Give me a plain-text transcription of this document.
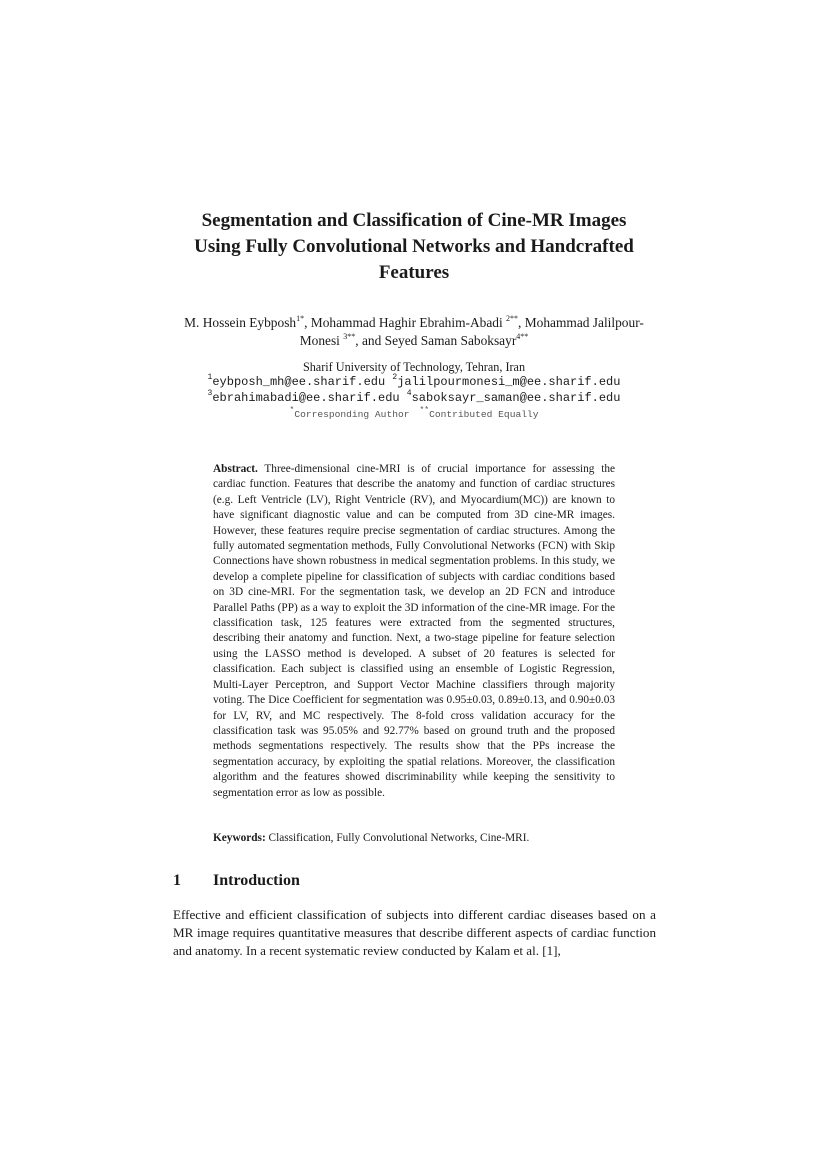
Segmentation and Classification of Cine-MR Images
Using Fully Convolutional Networks and Handcrafted
Features
M. Hossein Eybposh$^{1*}$, Mohammad Haghir Ebrahim-Abadi $^{2**}$, Mohammad Jalilpour-
Monesi $^{3**}$, and Seyed Saman Saboksayr$^{4**}$
Sharif University of Technology, Tehran, Iran
$^1$eybposh_mh@ee.sharif.edu $^2$jalilpourmonesi_m@ee.sharif.edu
$^3$ebrahimabadi@ee.sharif.edu $^4$saboksayr_saman@ee.sharif.edu
*Corresponding Author **Contributed Equally
Abstract. Three-dimensional cine-MRI is of crucial importance for assessing the cardiac function. Features that describe the anatomy and function of cardiac structures (e.g. Left Ventricle (LV), Right Ventricle (RV), and Myocardium(MC)) are known to have significant diagnostic value and can be computed from 3D cine-MR images. However, these features require precise segmentation of cardiac structures. Among the fully automated segmentation methods, Fully Convolutional Networks (FCN) with Skip Connections have shown robustness in medical segmentation problems. In this study, we develop a complete pipeline for classification of subjects with cardiac conditions based on 3D cine-MRI. For the segmentation task, we develop an 2D FCN and introduce Parallel Paths (PP) as a way to exploit the 3D information of the cine-MR image. For the classification task, 125 features were extracted from the segmented structures, describing their anatomy and function. Next, a two-stage pipeline for feature selection using the LASSO method is developed. A subset of 20 features is selected for classification. Each subject is classified using an ensemble of Logistic Regression, Multi-Layer Perceptron, and Support Vector Machine classifiers through majority voting. The Dice Coefficient for segmentation was 0.95±0.03, 0.89±0.13, and 0.90±0.03 for LV, RV, and MC respectively. The 8-fold cross validation accuracy for the classification task was 95.05% and 92.77% based on ground truth and the proposed methods segmentations respectively. The results show that the PPs increase the segmentation accuracy, by exploiting the spatial relations. Moreover, the classification algorithm and the features showed discriminability while keeping the sensitivity to segmentation error as low as possible.
Keywords: Classification, Fully Convolutional Networks, Cine-MRI.
1 Introduction
Effective and efficient classification of subjects into different cardiac diseases based on a MR image requires quantitative measures that describe different aspects of cardiac function and anatomy. In a recent systematic review conducted by Kalam et al. [1],
